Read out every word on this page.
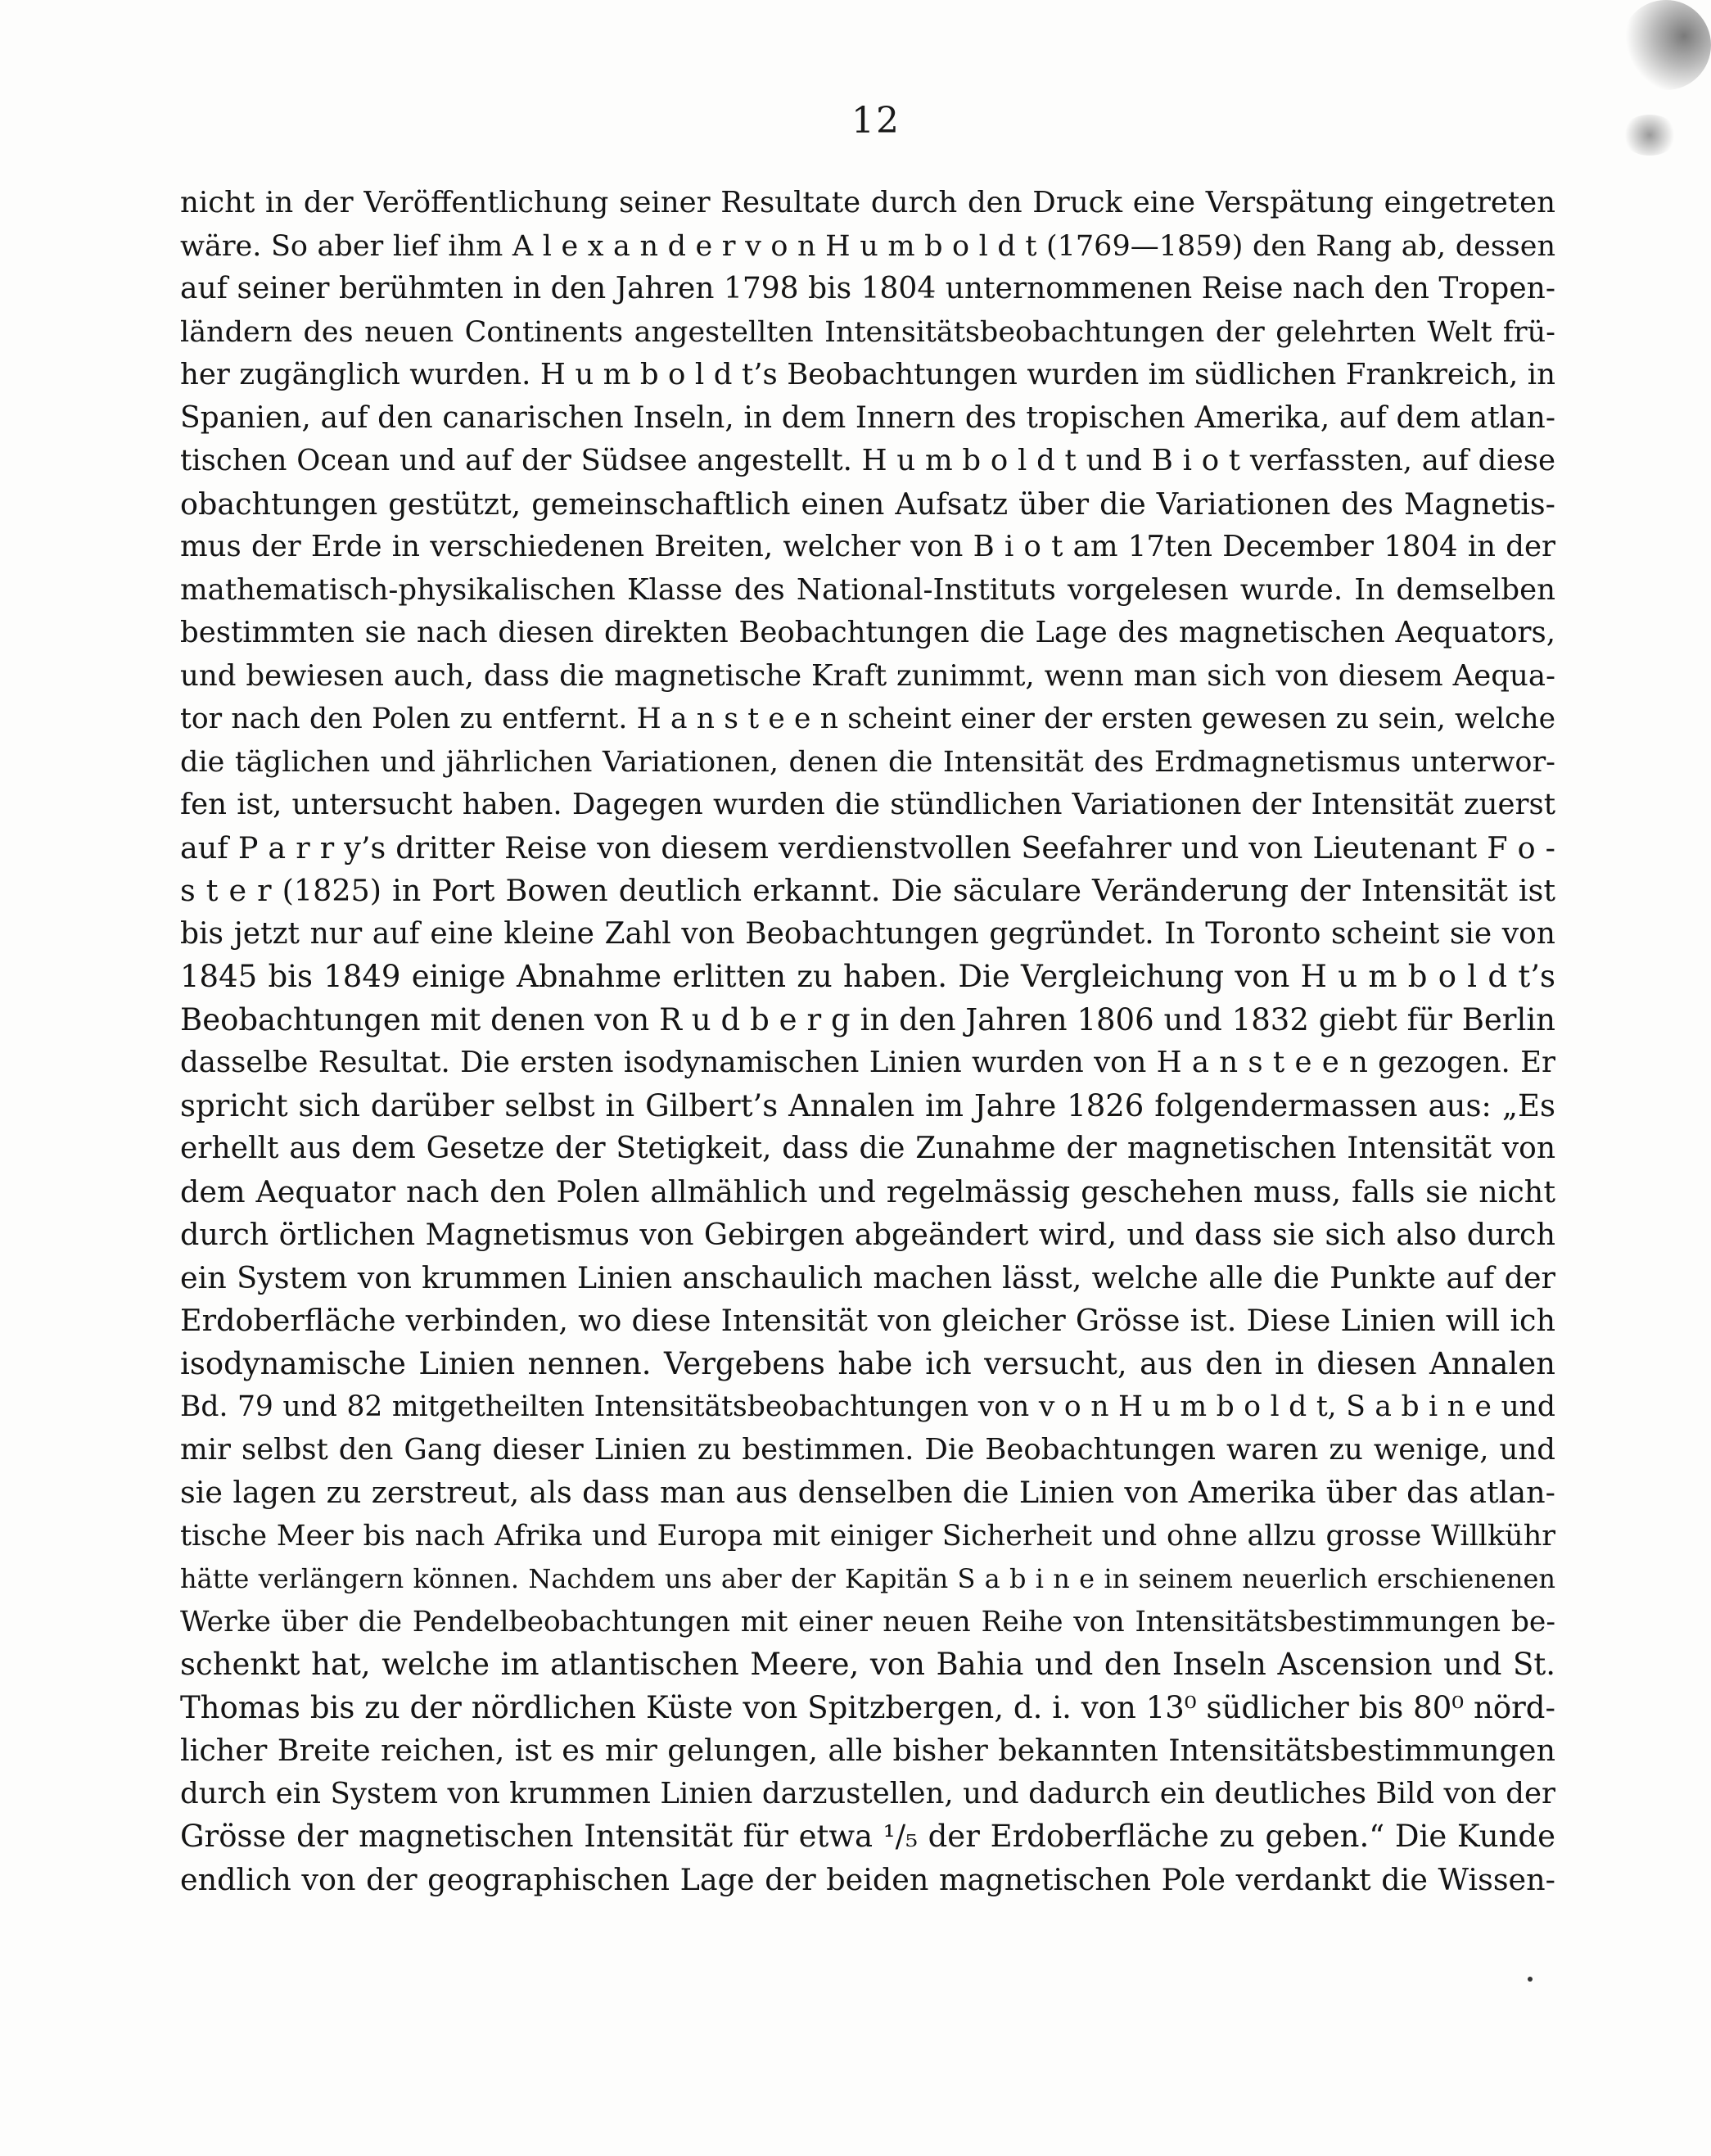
12
nicht in der Veröffentlichung seiner Resultate durch den Druck eine Verspätung eingetreten
wäre. So aber lief ihm A l e x a n d e r v o n H u m b o l d t (1769—1859) den Rang ab, dessen
auf seiner berühmten in den Jahren 1798 bis 1804 unternommenen Reise nach den Tropen-
ländern des neuen Continents angestellten Intensitätsbeobachtungen der gelehrten Welt frü-
her zugänglich wurden. H u m b o l d t’s Beobachtungen wurden im südlichen Frankreich, in
Spanien, auf den canarischen Inseln, in dem Innern des tropischen Amerika, auf dem atlan-
tischen Ocean und auf der Südsee angestellt. H u m b o l d t und B i o t verfassten, auf diese
obachtungen gestützt, gemeinschaftlich einen Aufsatz über die Variationen des Magnetis-
mus der Erde in verschiedenen Breiten, welcher von B i o t am 17ten December 1804 in der
mathematisch-physikalischen Klasse des National-Instituts vorgelesen wurde. In demselben
bestimmten sie nach diesen direkten Beobachtungen die Lage des magnetischen Aequators,
und bewiesen auch, dass die magnetische Kraft zunimmt, wenn man sich von diesem Aequa-
tor nach den Polen zu entfernt. H a n s t e e n scheint einer der ersten gewesen zu sein, welche
die täglichen und jährlichen Variationen, denen die Intensität des Erdmagnetismus unterwor-
fen ist, untersucht haben. Dagegen wurden die stündlichen Variationen der Intensität zuerst
auf P a r r y’s dritter Reise von diesem verdienstvollen Seefahrer und von Lieutenant F o -
s t e r (1825) in Port Bowen deutlich erkannt. Die säculare Veränderung der Intensität ist
bis jetzt nur auf eine kleine Zahl von Beobachtungen gegründet. In Toronto scheint sie von
1845 bis 1849 einige Abnahme erlitten zu haben. Die Vergleichung von H u m b o l d t’s
Beobachtungen mit denen von R u d b e r g in den Jahren 1806 und 1832 giebt für Berlin
dasselbe Resultat. Die ersten isodynamischen Linien wurden von H a n s t e e n gezogen. Er
spricht sich darüber selbst in Gilbert’s Annalen im Jahre 1826 folgendermassen aus: „Es
erhellt aus dem Gesetze der Stetigkeit, dass die Zunahme der magnetischen Intensität von
dem Aequator nach den Polen allmählich und regelmässig geschehen muss, falls sie nicht
durch örtlichen Magnetismus von Gebirgen abgeändert wird, und dass sie sich also durch
ein System von krummen Linien anschaulich machen lässt, welche alle die Punkte auf der
Erdoberfläche verbinden, wo diese Intensität von gleicher Grösse ist. Diese Linien will ich
isodynamische Linien nennen. Vergebens habe ich versucht, aus den in diesen Annalen
Bd. 79 und 82 mitgetheilten Intensitätsbeobachtungen von v o n H u m b o l d t, S a b i n e und
mir selbst den Gang dieser Linien zu bestimmen. Die Beobachtungen waren zu wenige, und
sie lagen zu zerstreut, als dass man aus denselben die Linien von Amerika über das atlan-
tische Meer bis nach Afrika und Europa mit einiger Sicherheit und ohne allzu grosse Willkühr
hätte verlängern können. Nachdem uns aber der Kapitän S a b i n e in seinem neuerlich erschienenen
Werke über die Pendelbeobachtungen mit einer neuen Reihe von Intensitätsbestimmungen be-
schenkt hat, welche im atlantischen Meere, von Bahia und den Inseln Ascension und St.
Thomas bis zu der nördlichen Küste von Spitzbergen, d. i. von 13⁰ südlicher bis 80⁰ nörd-
licher Breite reichen, ist es mir gelungen, alle bisher bekannten Intensitätsbestimmungen
durch ein System von krummen Linien darzustellen, und dadurch ein deutliches Bild von der
Grösse der magnetischen Intensität für etwa ¹/₅ der Erdoberfläche zu geben.“ Die Kunde
endlich von der geographischen Lage der beiden magnetischen Pole verdankt die Wissen-
